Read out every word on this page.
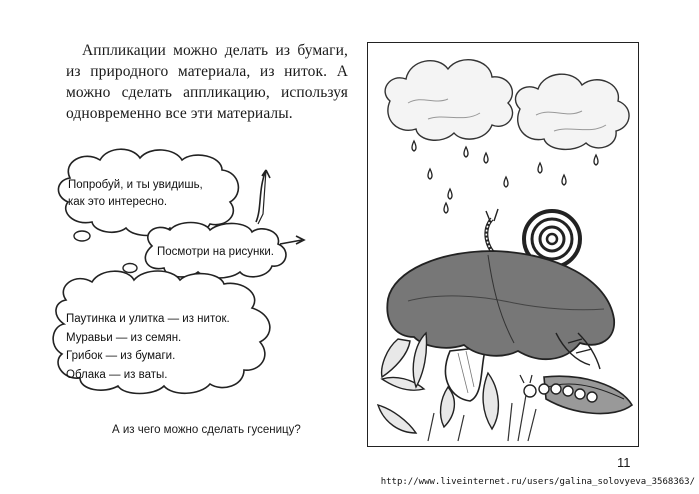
Аппликации можно делать из бумаги, из природного материала, из ниток. А можно сделать аппликацию, используя одновременно все эти материалы.

Попробуй, и ты увидишь,
как это интересно.
Посмотри на рисунки.
Паутинка и улитка — из ниток.
Муравьи — из семян.
Грибок — из бумаги.
Облака — из ваты.
А из чего можно сделать гусеницу?
11
http://www.liveinternet.ru/users/galina_solovyeva_3568363/
